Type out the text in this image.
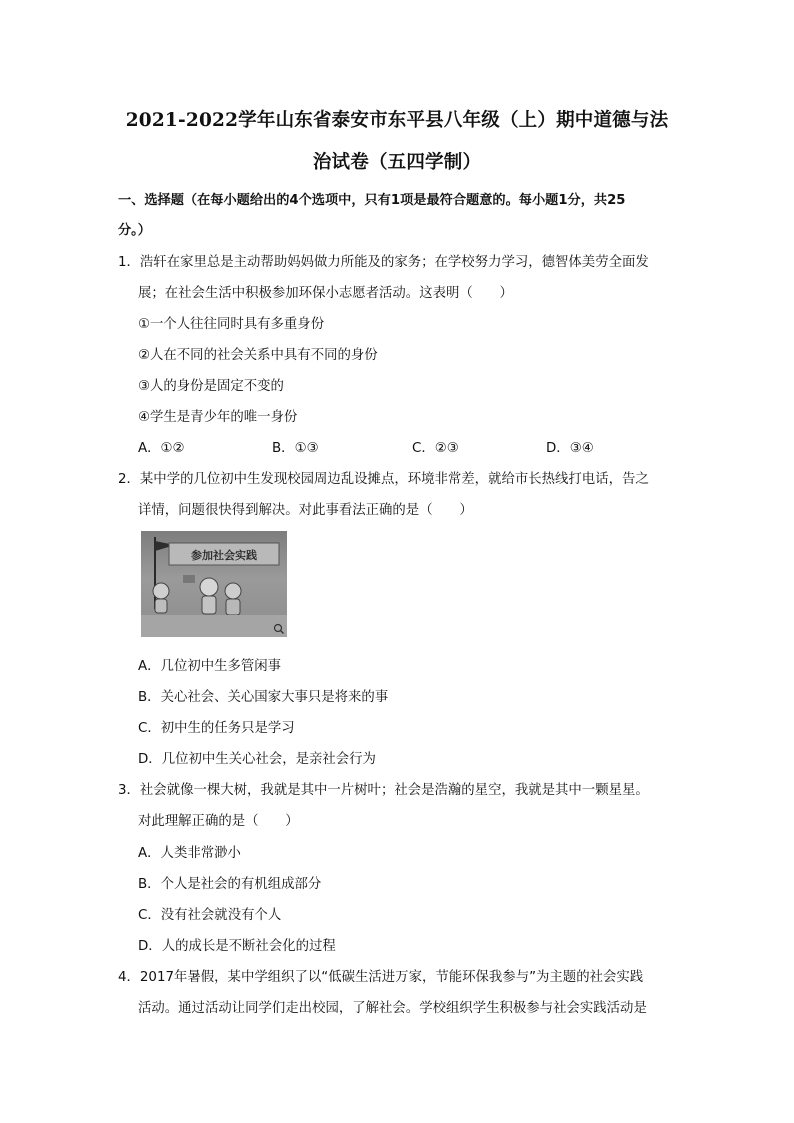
2021-2022学年山东省泰安市东平县八年级（上）期中道德与法
治试卷（五四学制）
一、选择题（在每小题给出的4个选项中，只有1项是最符合题意的。每小题1分，共25
分。）
1．浩轩在家里总是主动帮助妈妈做力所能及的家务；在学校努力学习，德智体美劳全面发
展；在社会生活中积极参加环保小志愿者活动。这表明（　　）
①一个人往往同时具有多重身份
②人在不同的社会关系中具有不同的身份
③人的身份是固定不变的
④学生是青少年的唯一身份
A．①②	B．①③	C．②③	D．③④
2．某中学的几位初中生发现校园周边乱设摊点，环境非常差，就给市长热线打电话，告之
详情，问题很快得到解决。对此事看法正确的是（　　）
参加社会实践
A．几位初中生多管闲事
B．关心社会、关心国家大事只是将来的事
C．初中生的任务只是学习
D．几位初中生关心社会，是亲社会行为
3．社会就像一棵大树，我就是其中一片树叶；社会是浩瀚的星空，我就是其中一颗星星。
对此理解正确的是（　　）
A．人类非常渺小
B．个人是社会的有机组成部分
C．没有社会就没有个人
D．人的成长是不断社会化的过程
4．2017年暑假，某中学组织了以“低碳生活进万家，节能环保我参与”为主题的社会实践
活动。通过活动让同学们走出校园，了解社会。学校组织学生积极参与社会实践活动是
